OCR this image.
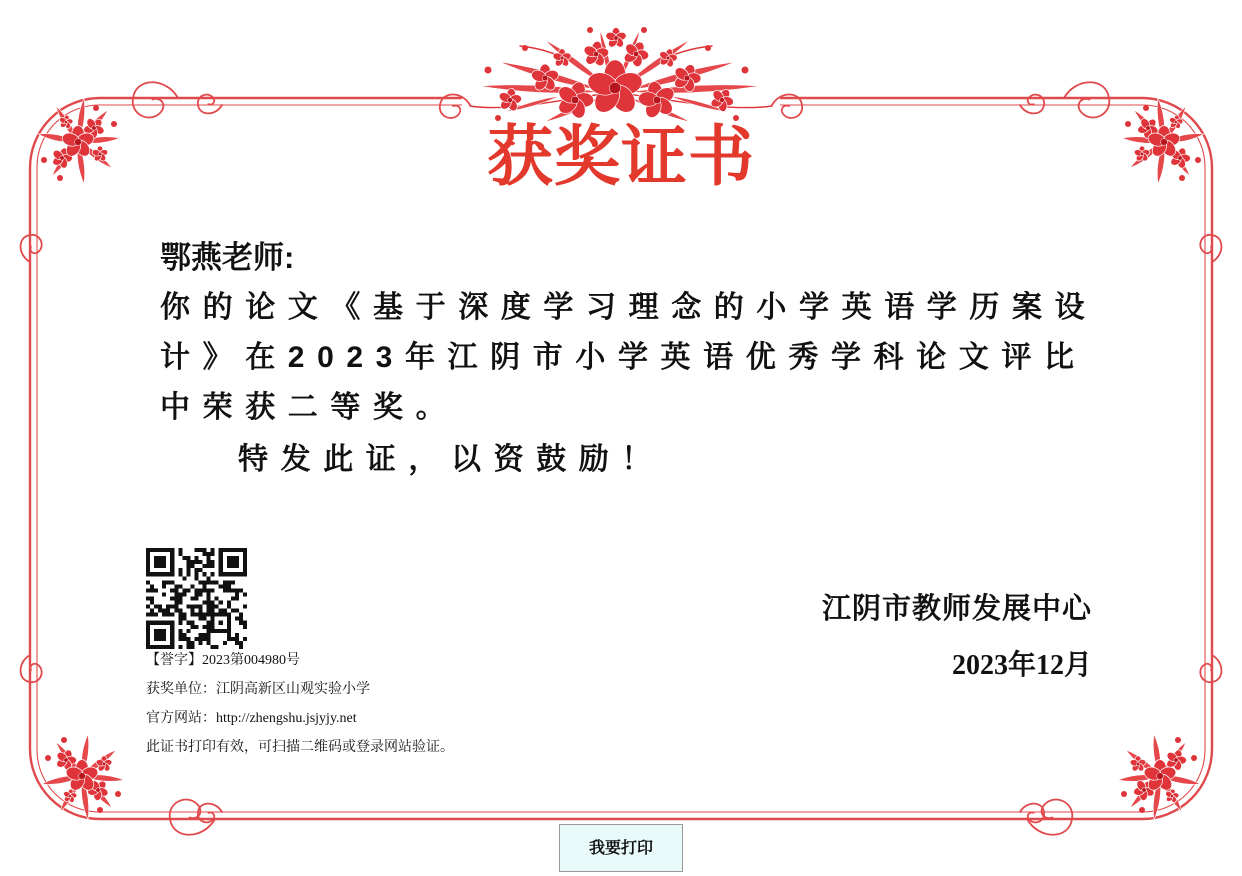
获奖证书
鄂燕老师:
你的论文《基于深度学习理念的小学英语学历案设
计》在2023年江阴市小学英语优秀学科论文评比
中荣获二等奖。
特发此证，以资鼓励！
【誉字】2023第004980号
获奖单位：江阴高新区山观实验小学
官方网站：http://zhengshu.jsjyjy.net
此证书打印有效，可扫描二维码或登录网站验证。
江阴市教师发展中心
2023年12月
我要打印
